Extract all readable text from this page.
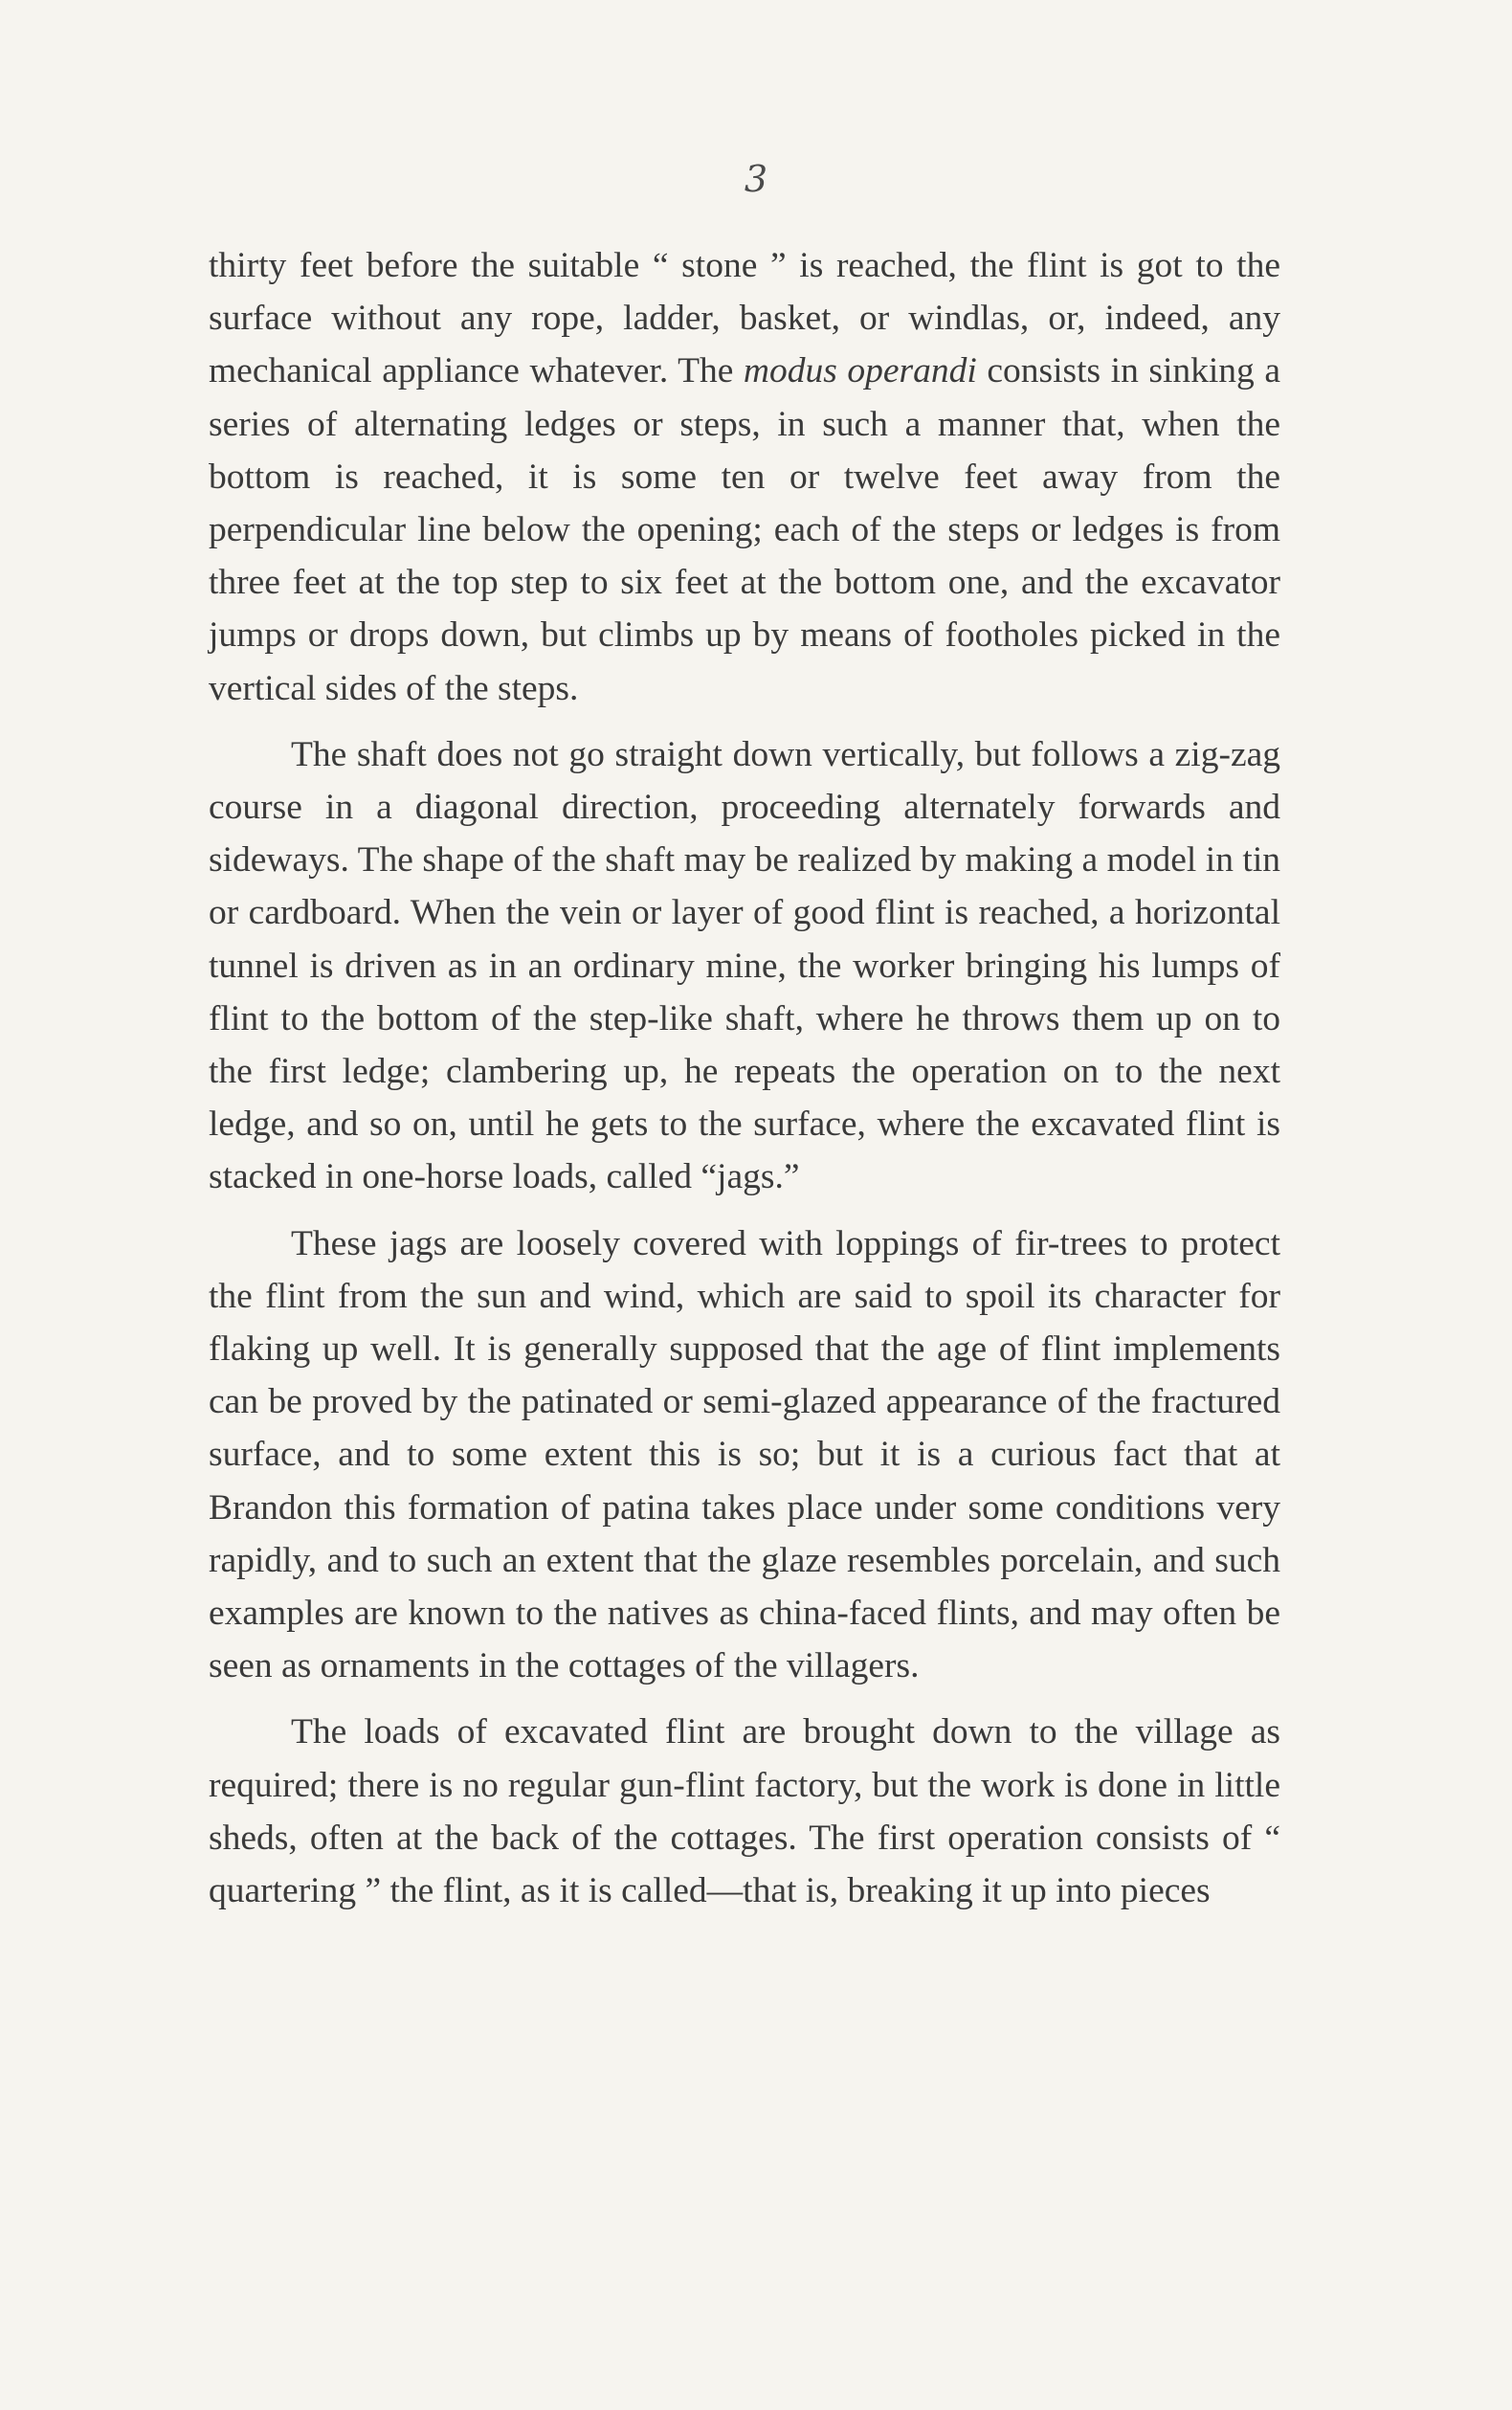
3

thirty feet before the suitable “ stone ” is reached, the flint is got to the surface without any rope, ladder, basket, or windlas, or, indeed, any mechanical appliance whatever. The modus operandi consists in sinking a series of alternating ledges or steps, in such a manner that, when the bottom is reached, it is some ten or twelve feet away from the perpendicular line below the opening; each of the steps or ledges is from three feet at the top step to six feet at the bottom one, and the excavator jumps or drops down, but climbs up by means of footholes picked in the vertical sides of the steps.

The shaft does not go straight down vertically, but follows a zig-zag course in a diagonal direction, proceeding alternately forwards and sideways. The shape of the shaft may be realized by making a model in tin or cardboard. When the vein or layer of good flint is reached, a horizontal tunnel is driven as in an ordinary mine, the worker bringing his lumps of flint to the bottom of the step-like shaft, where he throws them up on to the first ledge; clambering up, he repeats the operation on to the next ledge, and so on, until he gets to the surface, where the excavated flint is stacked in one-horse loads, called “jags.”

These jags are loosely covered with loppings of fir-trees to protect the flint from the sun and wind, which are said to spoil its character for flaking up well. It is generally supposed that the age of flint implements can be proved by the patinated or semi-glazed appearance of the fractured surface, and to some extent this is so; but it is a curious fact that at Brandon this formation of patina takes place under some conditions very rapidly, and to such an extent that the glaze resembles porcelain, and such examples are known to the natives as china-faced flints, and may often be seen as ornaments in the cottages of the villagers.

The loads of excavated flint are brought down to the village as required; there is no regular gun-flint factory, but the work is done in little sheds, often at the back of the cottages. The first operation consists of “ quartering ” the flint, as it is called—that is, breaking it up into pieces
